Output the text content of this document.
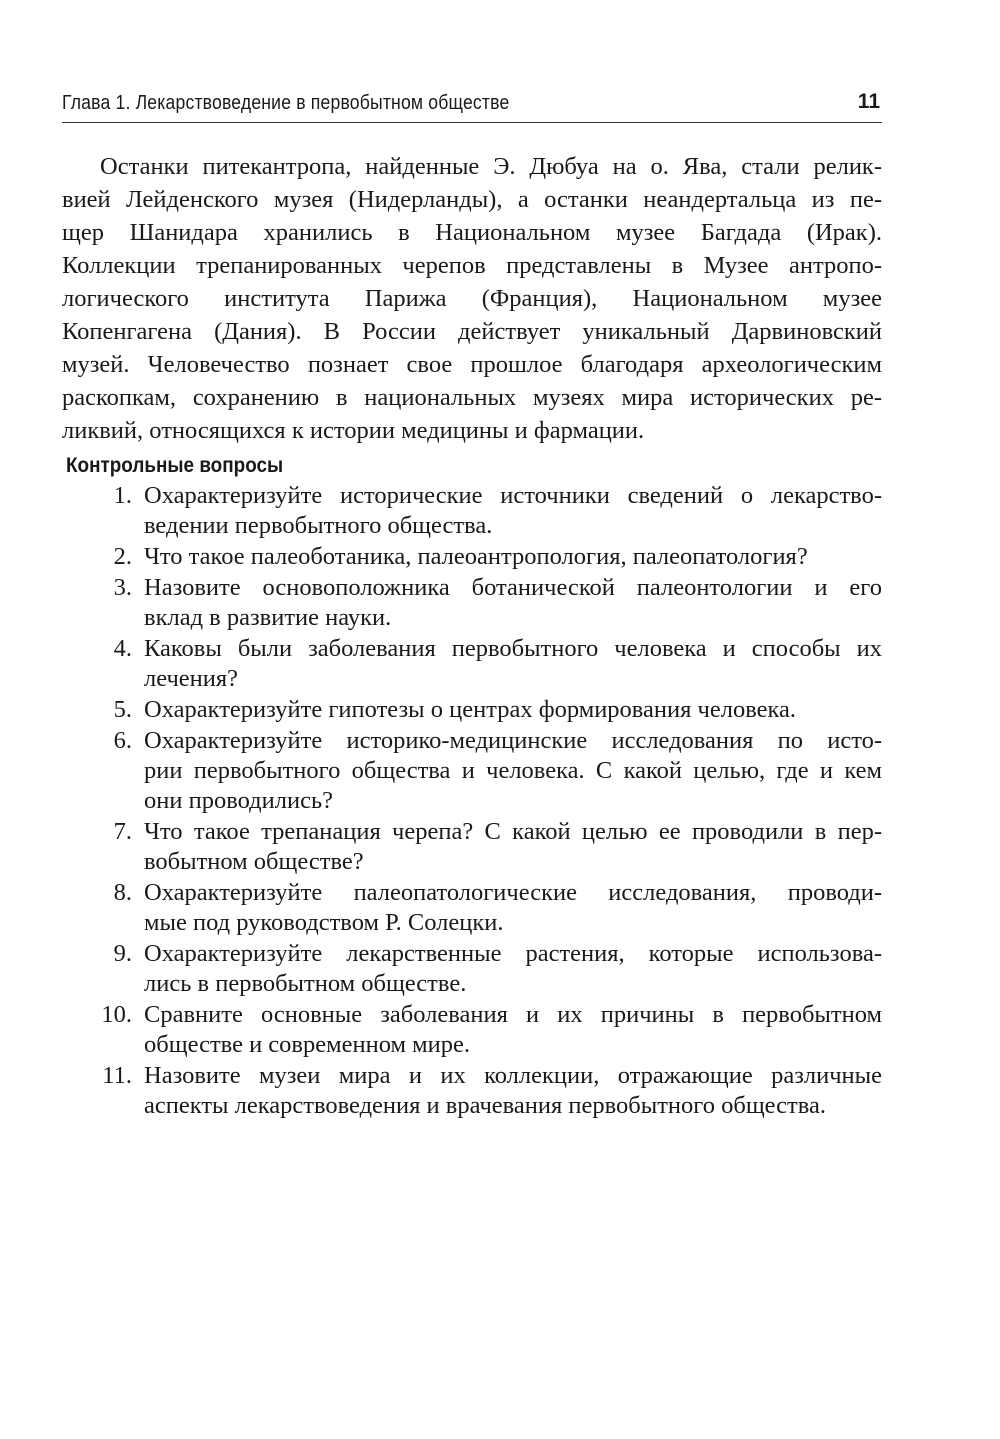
Глава 1. Лекарствоведение в первобытном обществе	11
Останки питекантропа, найденные Э. Дюбуа на о. Ява, стали релик-
вией Лейденского музея (Нидерланды), а останки неандертальца из пе-
щер Шанидара хранились в Национальном музее Багдада (Ирак).
Коллекции трепанированных черепов представлены в Музее антропо-
логического института Парижа (Франция), Национальном музее
Копенгагена (Дания). В России действует уникальный Дарвиновский
музей. Человечество познает свое прошлое благодаря археологическим
раскопкам, сохранению в национальных музеях мира исторических ре-
ликвий, относящихся к истории медицины и фармации.
Контрольные вопросы
1. Охарактеризуйте исторические источники сведений о лекарство-
ведении первобытного общества.
2. Что такое палеоботаника, палеоантропология, палеопатология?
3. Назовите основоположника ботанической палеонтологии и его
вклад в развитие науки.
4. Каковы были заболевания первобытного человека и способы их
лечения?
5. Охарактеризуйте гипотезы о центрах формирования человека.
6. Охарактеризуйте историко-медицинские исследования по исто-
рии первобытного общества и человека. С какой целью, где и кем
они проводились?
7. Что такое трепанация черепа? С какой целью ее проводили в пер-
вобытном обществе?
8. Охарактеризуйте палеопатологические исследования, проводи-
мые под руководством Р. Солецки.
9. Охарактеризуйте лекарственные растения, которые использова-
лись в первобытном обществе.
10. Сравните основные заболевания и их причины в первобытном
обществе и современном мире.
11. Назовите музеи мира и их коллекции, отражающие различные
аспекты лекарствоведения и врачевания первобытного общества.
